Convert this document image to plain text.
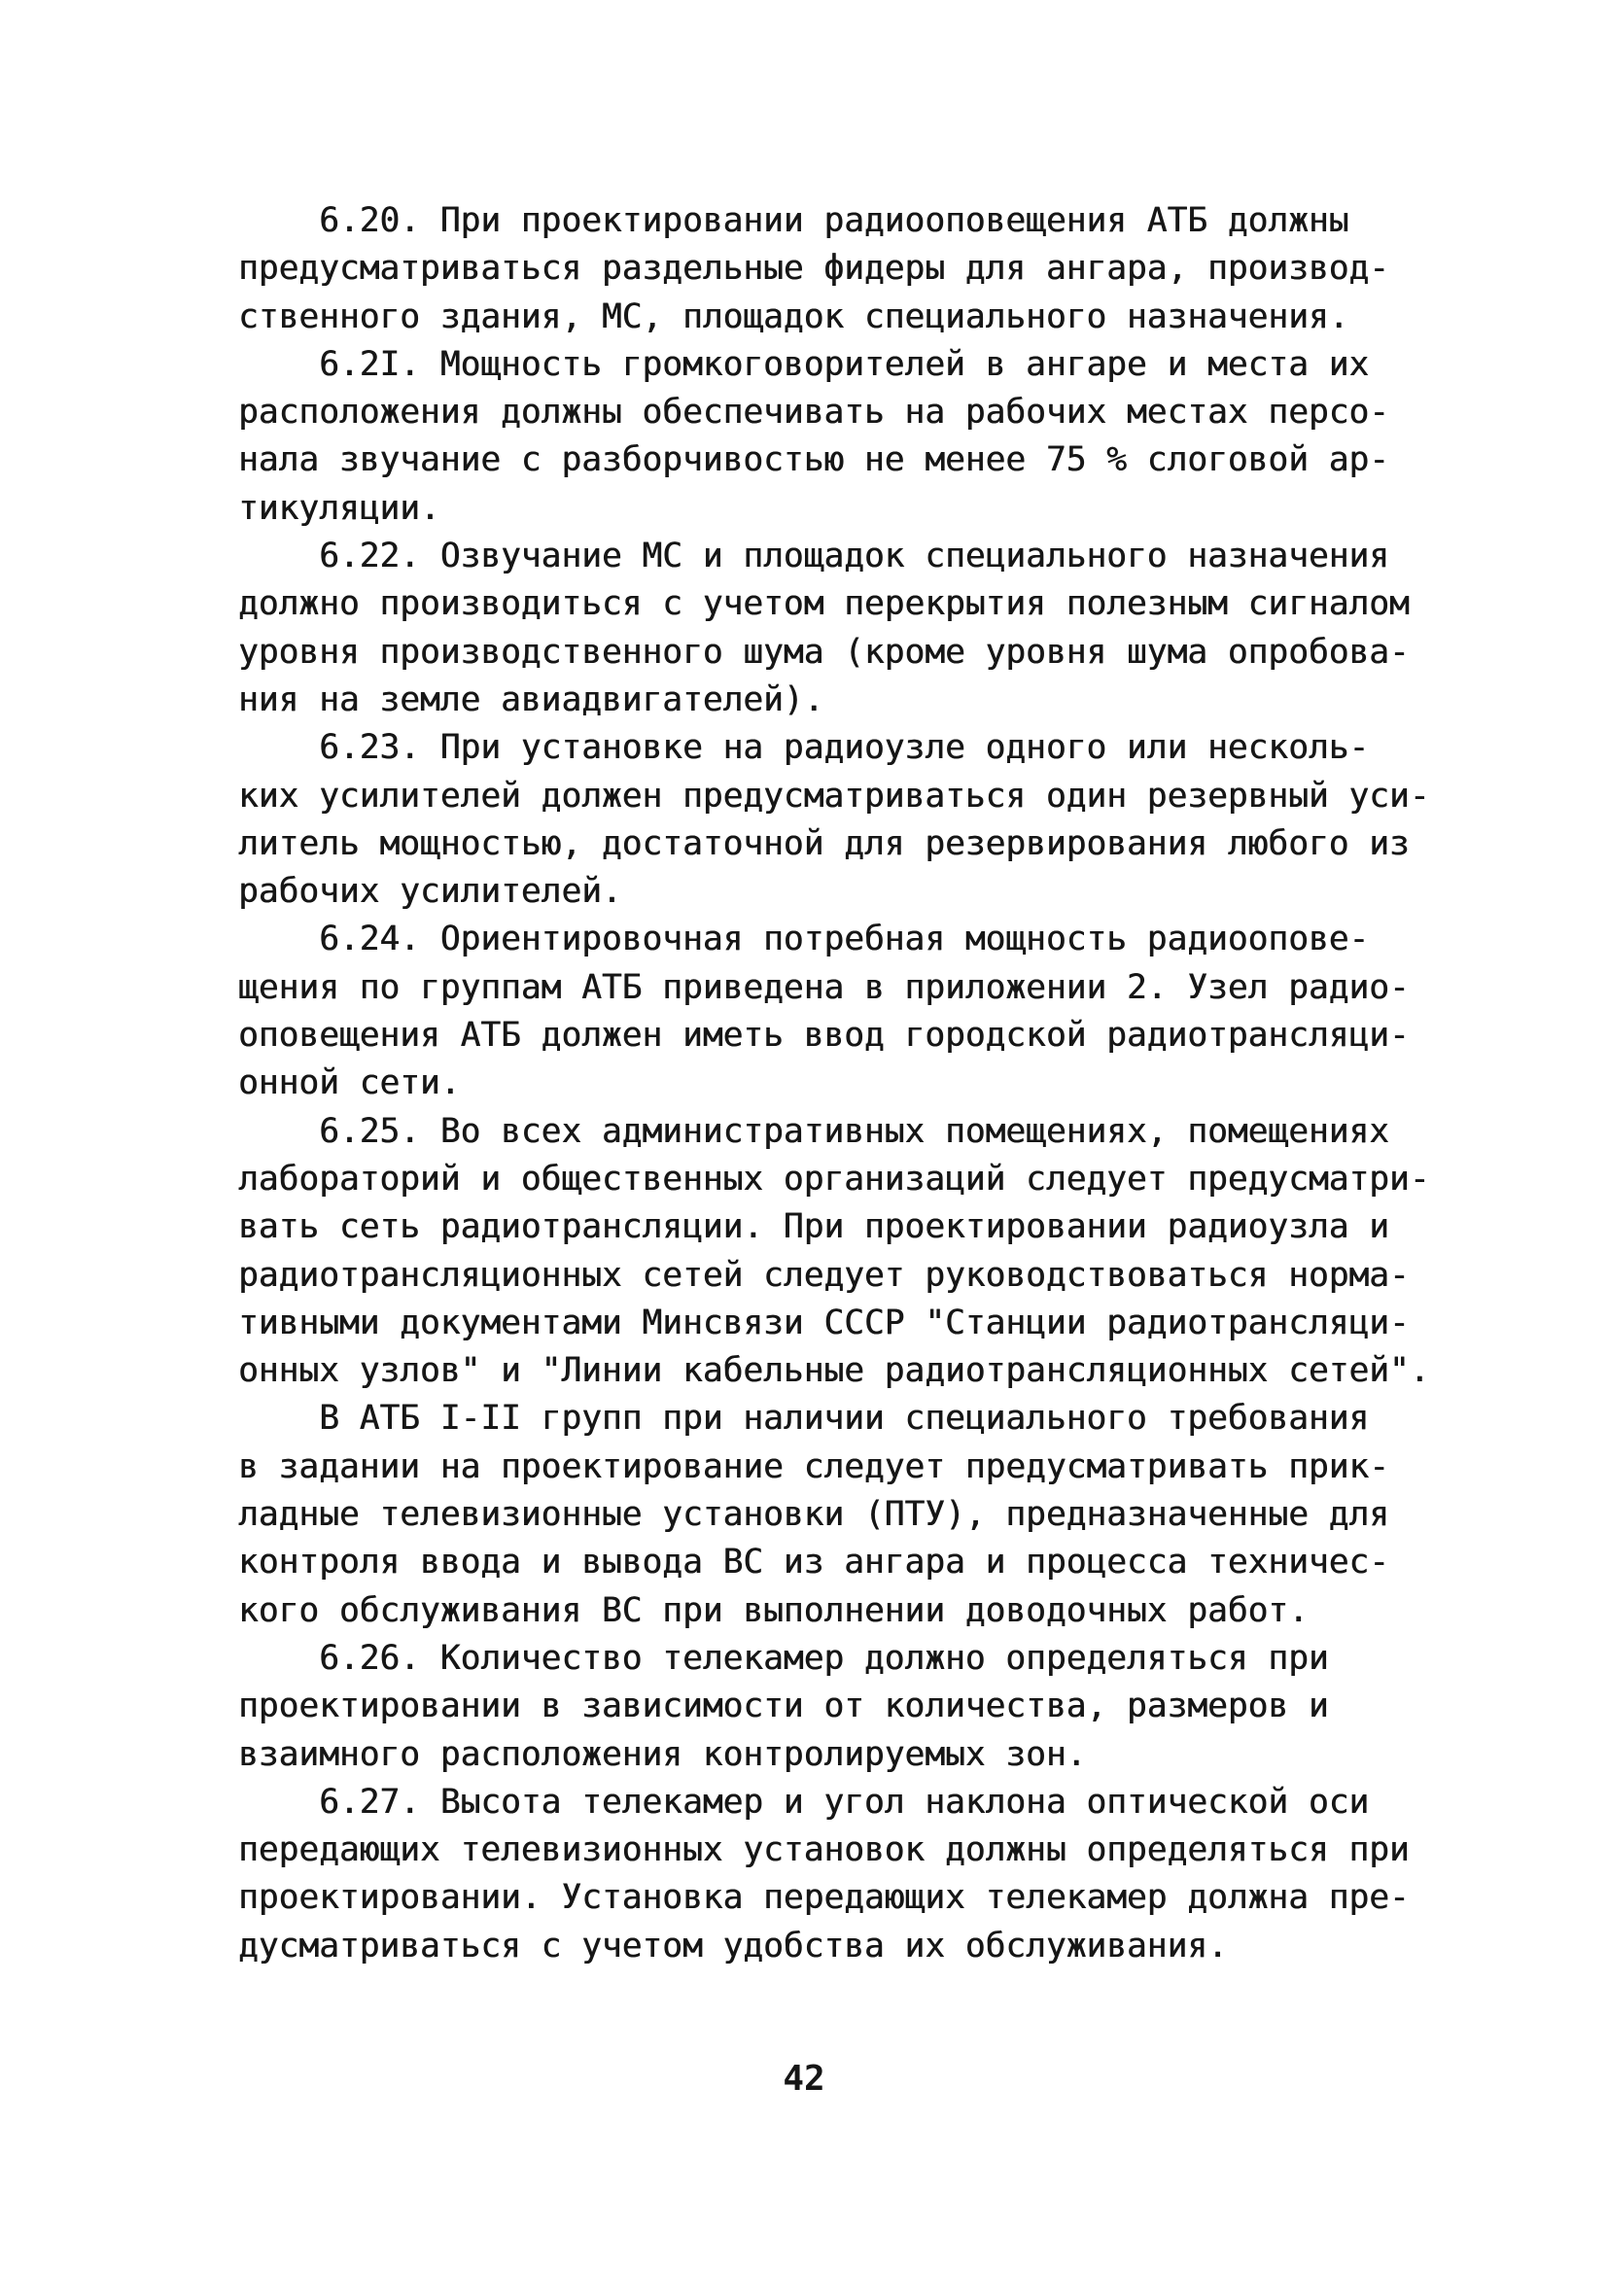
6.20. При проектировании радиооповещения АТБ должны
предусматриваться раздельные фидеры для ангара, производ-
ственного здания, МС, площадок специального назначения.
6.2I. Мощность громкоговорителей в ангаре и места их
расположения должны обеспечивать на рабочих местах персо-
нала звучание с разборчивостью не менее 75 % слоговой ар-
тикуляции.
6.22. Озвучание МС и площадок специального назначения
должно производиться с учетом перекрытия полезным сигналом
уровня производственного шума (кроме уровня шума опробова-
ния на земле авиадвигателей).
6.23. При установке на радиоузле одного или несколь-
ких усилителей должен предусматриваться один резервный уси-
литель мощностью, достаточной для резервирования любого из
рабочих усилителей.
6.24. Ориентировочная потребная мощность радиоопове-
щения по группам АТБ приведена в приложении 2. Узел радио-
оповещения АТБ должен иметь ввод городской радиотрансляци-
онной сети.
6.25. Во всех административных помещениях, помещениях
лабораторий и общественных организаций следует предусматри-
вать сеть радиотрансляции. При проектировании радиоузла и
радиотрансляционных сетей следует руководствоваться норма-
тивными документами Минсвязи СССР "Станции радиотрансляци-
онных узлов" и "Линии кабельные радиотрансляционных сетей".
В АТБ I-II групп при наличии специального требования
в задании на проектирование следует предусматривать прик-
ладные телевизионные установки (ПТУ), предназначенные для
контроля ввода и вывода ВС из ангара и процесса техничес-
кого обслуживания ВС при выполнении доводочных работ.
6.26. Количество телекамер должно определяться при
проектировании в зависимости от количества, размеров и
взаимного расположения контролируемых зон.
6.27. Высота телекамер и угол наклона оптической оси
передающих телевизионных установок должны определяться при
проектировании. Установка передающих телекамер должна пре-
дусматриваться с учетом удобства их обслуживания.
42
